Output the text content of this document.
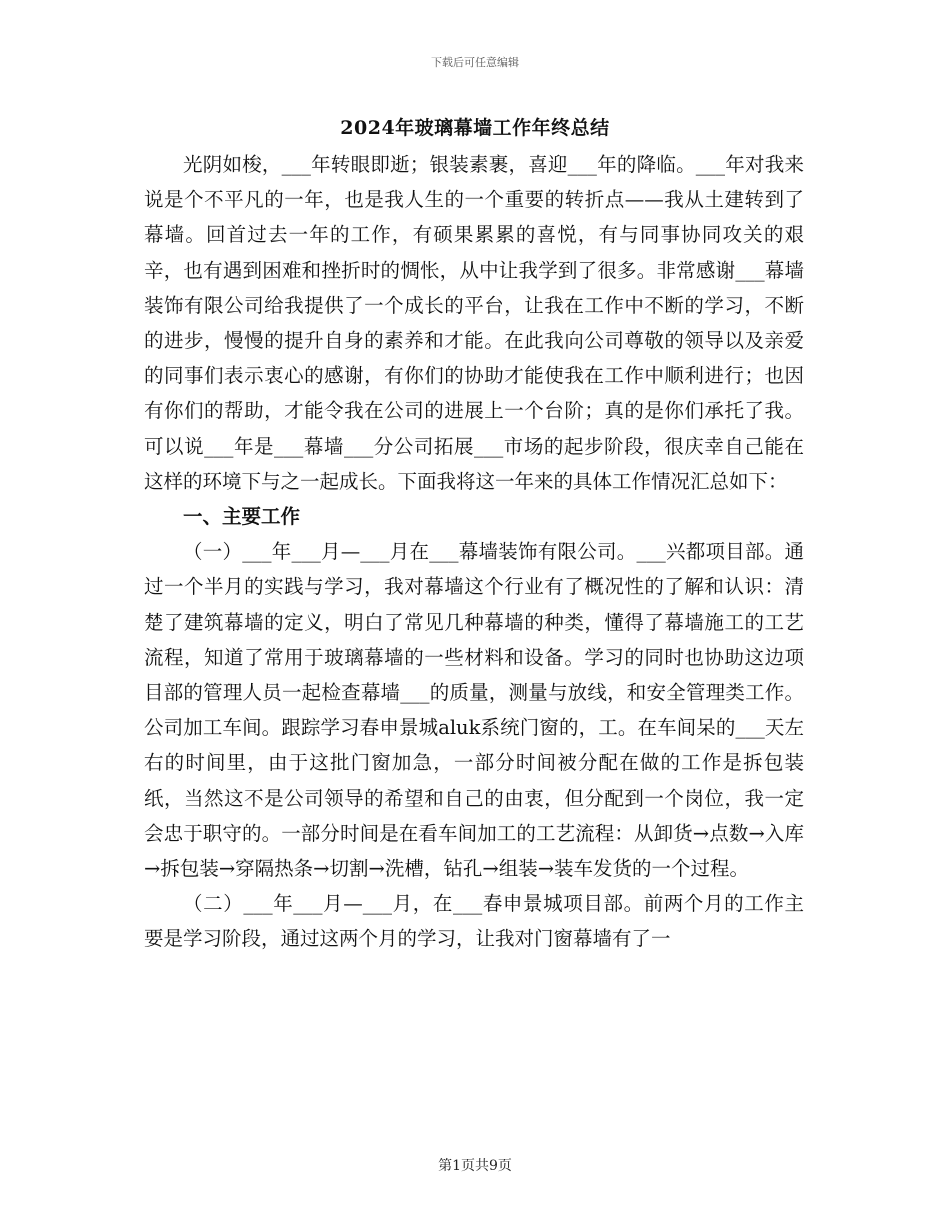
下载后可任意编辑
2024年玻璃幕墙工作年终总结

光阴如梭，___年转眼即逝；银装素裹，喜迎___年的降临。___年对我来说是个不平凡的一年，也是我人生的一个重要的转折点——我从土建转到了幕墙。回首过去一年的工作，有硕果累累的喜悦，有与同事协同攻关的艰辛，也有遇到困难和挫折时的惆怅，从中让我学到了很多。非常感谢___幕墙装饰有限公司给我提供了一个成长的平台，让我在工作中不断的学习，不断的进步，慢慢的提升自身的素养和才能。在此我向公司尊敬的领导以及亲爱的同事们表示衷心的感谢，有你们的协助才能使我在工作中顺利进行；也因有你们的帮助，才能令我在公司的进展上一个台阶；真的是你们承托了我。可以说___年是___幕墙___分公司拓展___市场的起步阶段，很庆幸自己能在这样的环境下与之一起成长。下面我将这一年来的具体工作情况汇总如下：

一、主要工作

（一）___年___月—___月在___幕墙装饰有限公司。___兴都项目部。通过一个半月的实践与学习，我对幕墙这个行业有了概况性的了解和认识：清楚了建筑幕墙的定义，明白了常见几种幕墙的种类，懂得了幕墙施工的工艺流程，知道了常用于玻璃幕墙的一些材料和设备。学习的同时也协助这边项目部的管理人员一起检查幕墙___的质量，测量与放线，和安全管理类工作。公司加工车间。跟踪学习春申景城aluk系统门窗的，工。在车间呆的___天左右的时间里，由于这批门窗加急，一部分时间被分配在做的工作是拆包装纸，当然这不是公司领导的希望和自己的由衷，但分配到一个岗位，我一定会忠于职守的。一部分时间是在看车间加工的工艺流程：从卸货→点数→入库→拆包装→穿隔热条→切割→洗槽，钻孔→组装→装车发货的一个过程。

（二）___年___月—___月，在___春申景城项目部。前两个月的工作主要是学习阶段，通过这两个月的学习，让我对门窗幕墙有了一

第1页共9页
